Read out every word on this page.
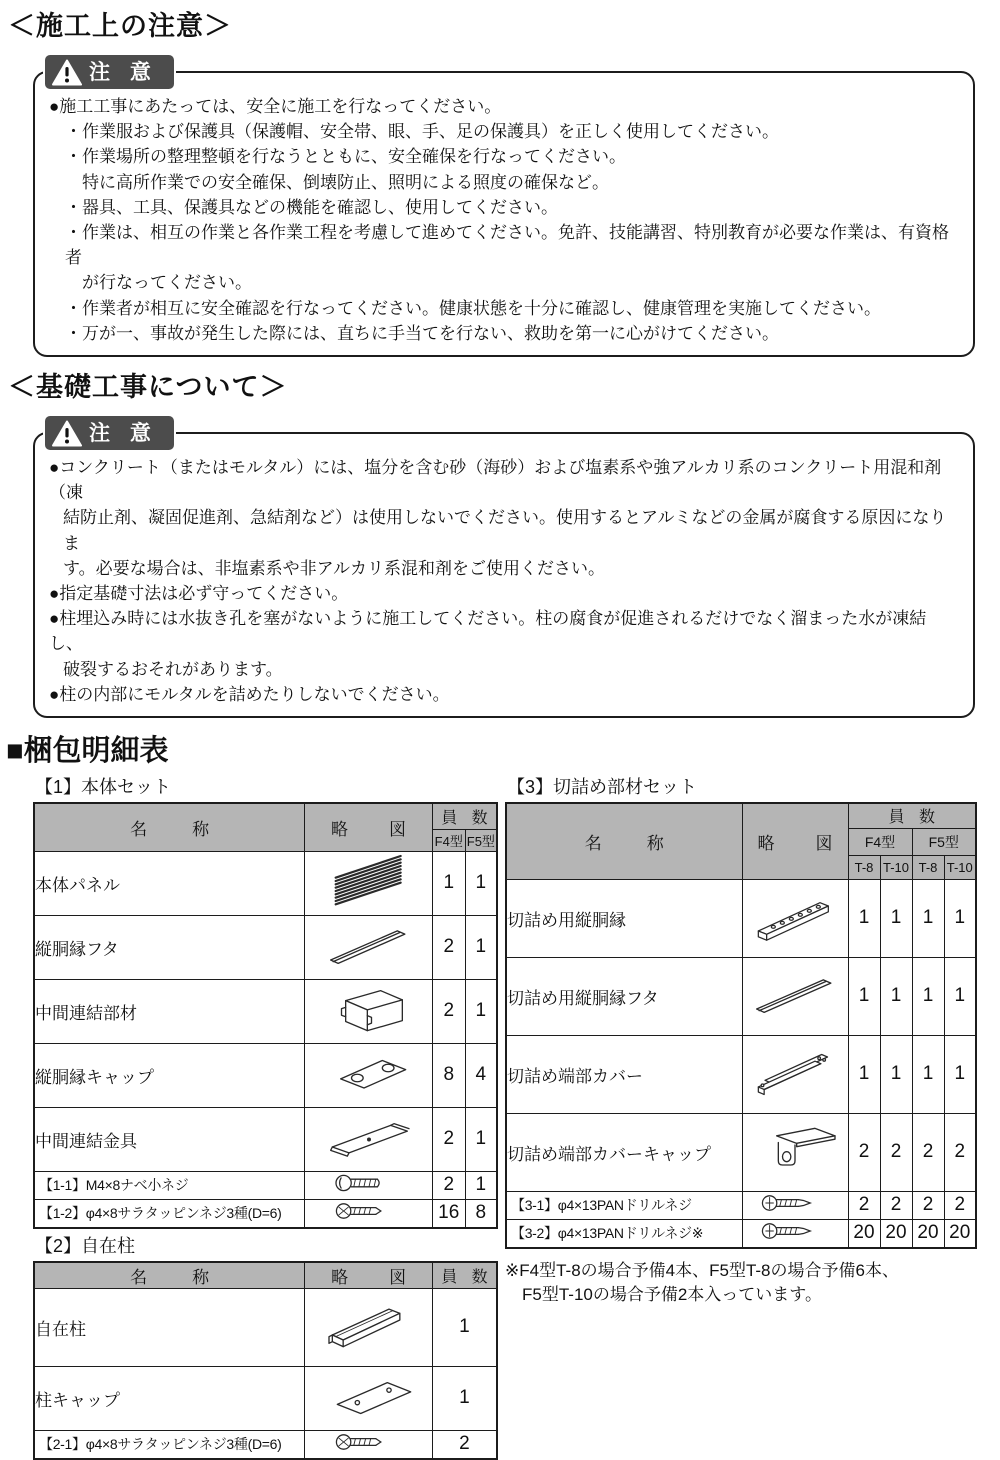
＜施工上の注意＞
注 意
●施工工事にあたっては、安全に施工を行なってください。
・作業服および保護具（保護帽、安全帯、眼、手、足の保護具）を正しく使用してください。
・作業場所の整理整頓を行なうとともに、安全確保を行なってください。
特に高所作業での安全確保、倒壊防止、照明による照度の確保など。
・器具、工具、保護具などの機能を確認し、使用してください。
・作業は、相互の作業と各作業工程を考慮して進めてください。免許、技能講習、特別教育が必要な作業は、有資格者
が行なってください。
・作業者が相互に安全確認を行なってください。健康状態を十分に確認し、健康管理を実施してください。
・万が一、事故が発生した際には、直ちに手当てを行ない、救助を第一に心がけてください。
＜基礎工事について＞
注 意
●コンクリート（またはモルタル）には、塩分を含む砂（海砂）および塩素系や強アルカリ系のコンクリート用混和剤（凍
結防止剤、凝固促進剤、急結剤など）は使用しないでください。使用するとアルミなどの金属が腐食する原因になりま
す。必要な場合は、非塩素系や非アルカリ系混和剤をご使用ください。
●指定基礎寸法は必ず守ってください。
●柱埋込み時には水抜き孔を塞がないように施工してください。柱の腐食が促進されるだけでなく溜まった水が凍結し、
破裂するおそれがあります。
●柱の内部にモルタルを詰めたりしないでください。
■梱包明細表
【1】本体セット
名　称	略　図	員 数	
		F4型	F5型
本体パネル		1	1
縦胴縁フタ		2	1
中間連結部材		2	1
縦胴縁キャップ		8	4
中間連結金具		2	1
【1-1】M4×8ナベ小ネジ		2	1
【1-2】φ4×8サラタッピンネジ3種(D=6)		16	8
【2】自在柱
名　称	略　図	員 数
自在柱		1
柱キャップ		1
【2-1】φ4×8サラタッピンネジ3種(D=6)		2
【3】切詰め部材セット
名　称	略　図	員 数			
		F4型		F5型	
		T-8	T-10	T-8	T-10
切詰め用縦胴縁		1	1	1	1
切詰め用縦胴縁フタ		1	1	1	1
切詰め端部カバー		1	1	1	1
切詰め端部カバーキャップ		2	2	2	2
【3-1】φ4×13PANドリルネジ		2	2	2	2
【3-2】φ4×13PANドリルネジ※		20	20	20	20
※F4型T-8の場合予備4本、F5型T-8の場合予備6本、
F5型T-10の場合予備2本入っています。
